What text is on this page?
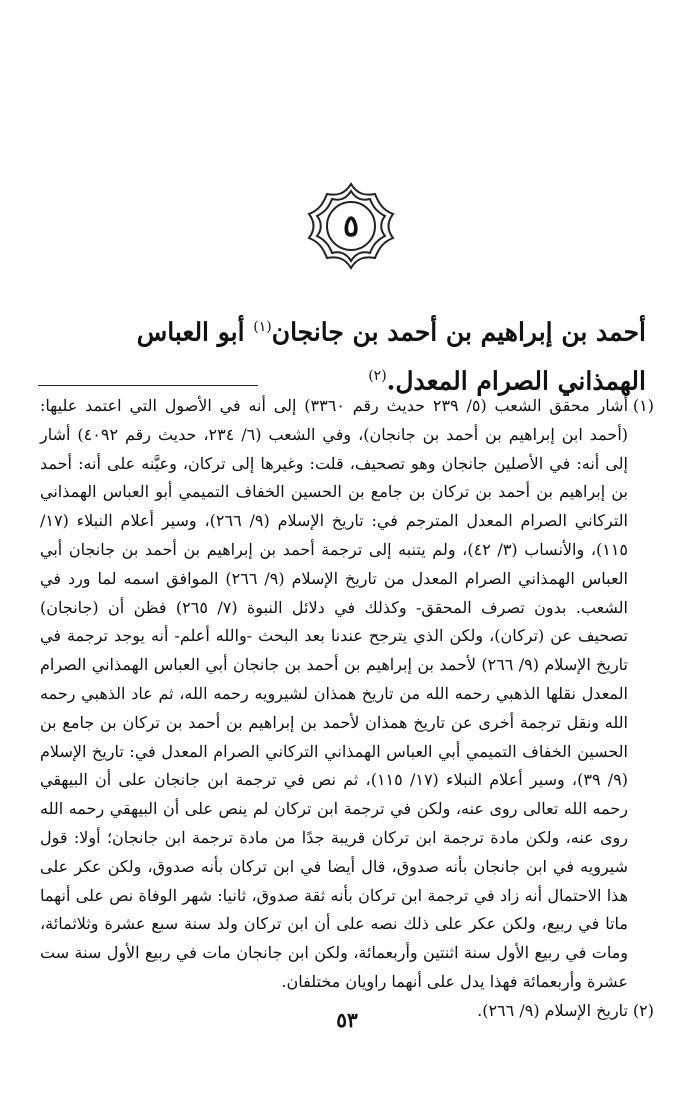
٥
أحمد بن إبراهيم بن أحمد بن جانجان$^{(١)}$ أبو العباس الهمذاني الصرام المعدل.$^{(٢)}$
(١)
أشار محقق الشعب (٥/ ٢٣٩ حديث رقم ٣٣٦٠) إلى أنه في الأصول التي اعتمد عليها: (أحمد ابن إبراهيم بن أحمد بن جانجان)، وفي الشعب (٦/ ٢٣٤، حديث رقم ٤٠٩٢) أشار إلى أنه: في الأصلين جانجان وهو تصحيف، قلت: وغيرها إلى تركان، وعيَّنه على أنه: أحمد بن إبراهيم بن أحمد بن تركان بن جامع بن الحسين الخفاف التميمي أبو العباس الهمذاني التركاني الصرام المعدل المترجم في: تاريخ الإسلام (٩/ ٢٦٦)، وسير أعلام النبلاء (١٧/ ١١٥)، والأنساب (٣/ ٤٢)، ولم يتنبه إلى ترجمة أحمد بن إبراهيم بن أحمد بن جانجان أبي العباس الهمذاني الصرام المعدل من تاريخ الإسلام (٩/ ٢٦٦) الموافق اسمه لما ورد في الشعب. بدون تصرف المحقق- وكذلك في دلائل النبوة (٧/ ٢٦٥) فظن أن (جانجان) تصحيف عن (تركان)، ولكن الذي يترجح عندنا بعد البحث -والله أعلم- أنه يوجد ترجمة في تاريخ الإسلام (٩/ ٢٦٦) لأحمد بن إبراهيم بن أحمد بن جانجان أبي العباس الهمذاني الصرام المعدل نقلها الذهبي رحمه الله من تاريخ همذان لشيرويه رحمه الله، ثم عاد الذهبي رحمه الله ونقل ترجمة أخرى عن تاريخ همذان لأحمد بن إبراهيم بن أحمد بن تركان بن جامع بن الحسين الخفاف التميمي أبي العباس الهمذاني التركاني الصرام المعدل في: تاريخ الإسلام (٩/ ٣٩)، وسير أعلام النبلاء (١٧/ ١١٥)، ثم نص في ترجمة ابن جانجان على أن البيهقي رحمه الله تعالى روى عنه، ولكن في ترجمة ابن تركان لم ينص على أن البيهقي رحمه الله روى عنه، ولكن مادة ترجمة ابن تركان قريبة جدًا من مادة ترجمة ابن جانجان؛ أولا: قول شيرويه في ابن جانجان بأنه صدوق، قال أيضا في ابن تركان بأنه صدوق، ولكن عكر على هذا الاحتمال أنه زاد في ترجمة ابن تركان بأنه ثقة صدوق، ثانيا: شهر الوفاة نص على أنهما ماتا في ربيع، ولكن عكر على ذلك نصه على أن ابن تركان ولد سنة سبع عشرة وثلاثمائة، ومات في ربيع الأول سنة اثنتين وأربعمائة، ولكن ابن جانجان مات في ربيع الأول سنة ست عشرة وأربعمائة فهذا يدل على أنهما راويان مختلفان.
(٢)
تاريخ الإسلام (٩/ ٢٦٦).
٥٣
